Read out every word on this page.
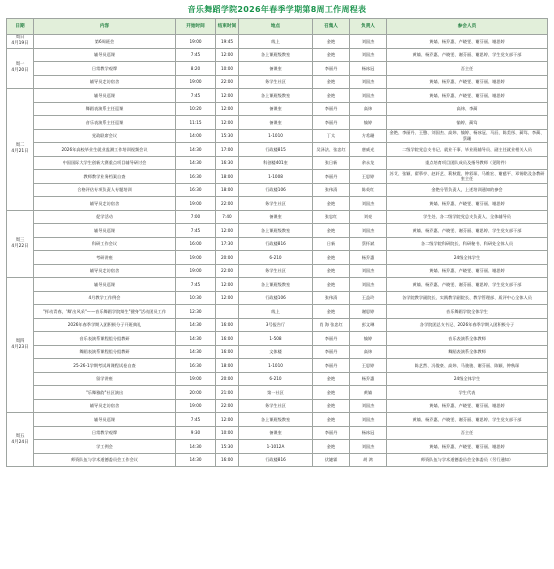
音乐舞蹈学院2026年春季学期第8周工作周程表
日期	内容	开始时间	结束时间	地点	召集人	负责人	参会人员

周日
4月19日	第6周班会	19:00	19:45	线上	金艳	刘国杰	黄嫱、杨乔惠、卢晓雯、谢芬丽、谢思婷

周一
4月20日	辅导员巡课	7:45	12:00	各上课班级教室	金艳	刘国杰	黄嫱、杨乔惠、卢晓雯、谢芬丽、谢思婷、学生党支部干部
	日常教学观摩	8:20	10:00	备课室	李丽丹	杨冰冠	吾主任
	辅导员走访宿舍	19:00	22:00	务学生社区	金艳	刘国杰	黄嫱、杨乔惠、卢晓雯、谢芬丽、谢思婷

周二
4月21日	辅导员巡课	7:45	12:00	各上课班级教室	金艳	刘国杰	黄嫱、杨乔惠、卢晓雯、谢芬丽、谢思婷
	舞蹈表演系主任巡课	10:20	12:00	备课室	李丽丹	高炜	高炜、李蔺
	音乐表演系主任巡课	11:15	12:00	备课室	李丽丹	愉婷	愉婷、蔺笃
	党政联席会议	14:00	15:30	1-1010	丁太	方希珊	金艳、李丽丹、王愍、刘国杰、高炜、愉婷、杨冰冠、马辰、陈美彤、蔺笃、李蔺、蔡珊
	2026年高校毕业生就业监测工作培训视频会议	14:30	17:00	行政楼815	吴泽法、张忠红	唐威光	二级学院党总支书记、就业干事、毕业班辅导员、副主任就业相关人员
	中国国际大学生创新大赛重点项目辅导研讨会	14:30	16:30	科创楼401室	张日新	余永龙	重点培育项目团队成员及指导教师（见附件）
	教师教学业务档案自查	16:30	18:00	1-1008	李丽丹	王思婷	苏艾、张颖、翟慕亭、赵轩艺、莉秋霞、钟彩琛、马维宏、谢慈平、邓锡铭及各教研室主任
	合格评估专项负责人专题培训	16:30	18:00	行政楼106	张伟清	陈英红	金艳分管负责人，上述培训通知的参会
	辅导员走访宿舍	19:00	22:00	务学生社区	金艳	刘国杰	黄嫱、杨乔惠、卢晓雯、谢芬丽、谢思婷

周三
4月22日	促学活动	7:00	7:40	备课室	张忠红	刘亮	学生处、各二级学院党总支负责人、全体辅导员
	辅导员巡课	7:45	12:00	各上课班级教室	金艳	刘国杰	黄嫱、杨乔惠、卢晓雯、谢芬丽、谢思婷、学生党支部干部
	科研工作会议	16:00	17:30	行政楼816	日新	蔡怀斌	各二级学院科研院长、科研秘书、科研处全体人员
	考研讲座	19:00	20:00	6-210	金艳	杨乔惠	24级全体学生
	辅导员走访宿舍	19:00	22:00	务学生社区	金艳	刘国杰	黄嫱、杨乔惠、卢晓雯、谢芬丽、谢思婷

周四
4月23日	辅导员巡课	7:45	12:00	各上课班级教室	金艳	刘国杰	黄嫱、杨乔惠、卢晓雯、谢芬丽、谢思婷、学生党支部干部
	4月教学工作例会	10:30	12:00	行政楼106	张伟清	王益玲	各学院教学副院长、实践教学副院长、教学管理部、质评中心全体人员
	"挥动青春，'舞'出风采"——音乐舞蹈学院辩生"健身"活动团员工作	12:30		线上	金艳	谢思婷	音乐舞蹈学院全体学生
	2026年春季学期入团积极分子开班典礼	14:30	16:00	3号报告厅	肖 海 张忠红	彭文琳	各学院团总支书记、2026年春季学期入团积极分子
	音乐表演系课程组分组教研	14:30	16:00	1-508	李丽丹	愉婷	音乐表演系全体教师
	舞蹈表演系课程组分组教研	14:30	16:00	文体楼	李丽丹	高炜	舞蹈表演系全体教师
	25-26-1学期考试周课程试卷自查	16:30	18:00	1-1010	李丽丹	王思婷	陈艺然、冯俊豪、高炜、马骏骏、谢芬丽、陈颖、钟秋琛
	留学讲座	19:00	20:00	6-210	金艳	杨乔惠	24级全体学生
	"乐舞雅韵"社区演出	20:00	21:00	第一社区	金艳	黄嫱	学生代表
	辅导员走访宿舍	19:00	22:00	务学生社区	金艳	刘国杰	黄嫱、杨乔惠、卢晓雯、谢芬丽、谢思婷

周五
4月24日	辅导员巡课	7:45	12:00	各上课班级教室	金艳	刘国杰	黄嫱、杨乔惠、卢晓雯、谢芬丽、谢思婷、学生党支部干部
	日常教学观摩	9:30	10:00	备课室	李丽丹	杨冰冠	吾主任
	学工例会	14:30	15:30	1-1012A	金艳	刘国杰	黄嫱、杨乔惠、卢晓雯、谢芬丽、谢思婷
	师资队伍与学术道德委员会工作会议	14:30	16:00	行政楼816	伏婕霖	胡 鸿	师资队伍与学术道德委员会全体委员（另行通知）
